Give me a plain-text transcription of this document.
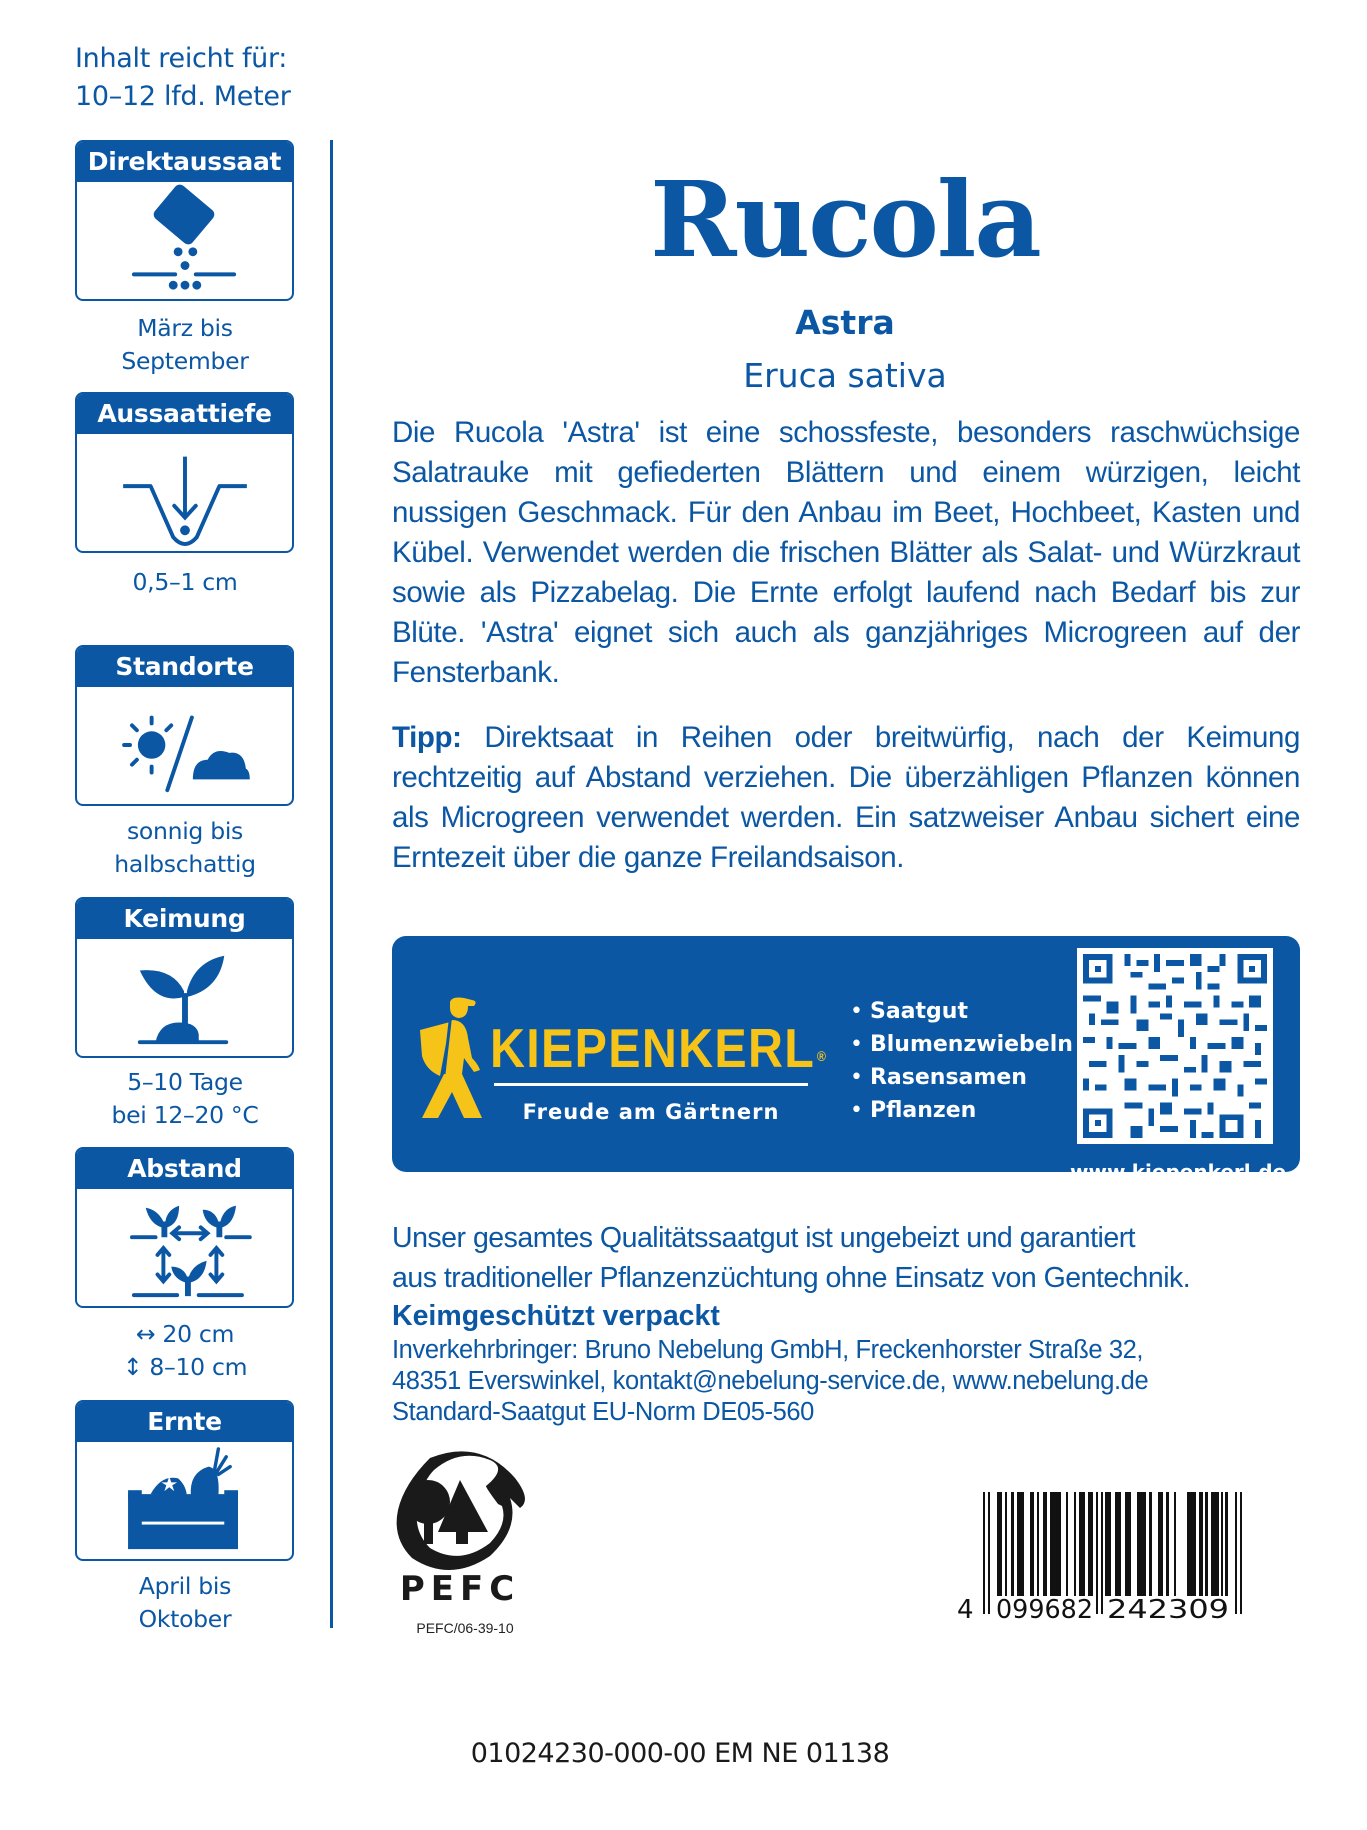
Inhalt reicht für:
10–12 lfd. Meter
Direktaussaat
März bis
September
Aussaattiefe
0,5–1 cm
Standorte
sonnig bis
halbschattig
Keimung
5–10 Tage
bei 12–20 °C
Abstand
↔ 20 cm
↕ 8–10 cm
Ernte
April bis
Oktober
Rucola
Astra
Eruca sativa
Die Rucola 'Astra' ist eine schossfeste, besonders raschwüchsige Salatrauke mit gefiederten Blättern und einem würzigen, leicht nussigen Geschmack. Für den Anbau im Beet, Hochbeet, Kasten und Kübel. Verwendet werden die frischen Blätter als Salat- und Würzkraut sowie als Pizzabelag. Die Ernte erfolgt laufend nach Bedarf bis zur Blüte. 'Astra' eignet sich auch als ganzjähriges Microgreen auf der Fensterbank.
Tipp: Direktsaat in Reihen oder breitwürfig, nach der Keimung rechtzeitig auf Abstand verziehen. Die überzähligen Pflanzen können als Microgreen verwendet werden. Ein satzweiser Anbau sichert eine Erntezeit über die ganze Freilandsaison.
KIEPENKERL ®
Freude am Gärtnern
• Saatgut
• Blumenzwiebeln
• Rasensamen
• Pflanzen
www.kiepenkerl.de
Unser gesamtes Qualitätssaatgut ist ungebeizt und garantiert
aus traditioneller Pflanzenzüchtung ohne Einsatz von Gentechnik.
Keimgeschützt verpackt
Inverkehrbringer: Bruno Nebelung GmbH, Freckenhorster Straße 32,
48351 Everswinkel, kontakt@nebelung-service.de, www.nebelung.de
Standard-Saatgut EU-Norm DE05-560
PEFC
PEFC/06-39-10
4 099682 242309
01024230-000-00 EM NE 01138
